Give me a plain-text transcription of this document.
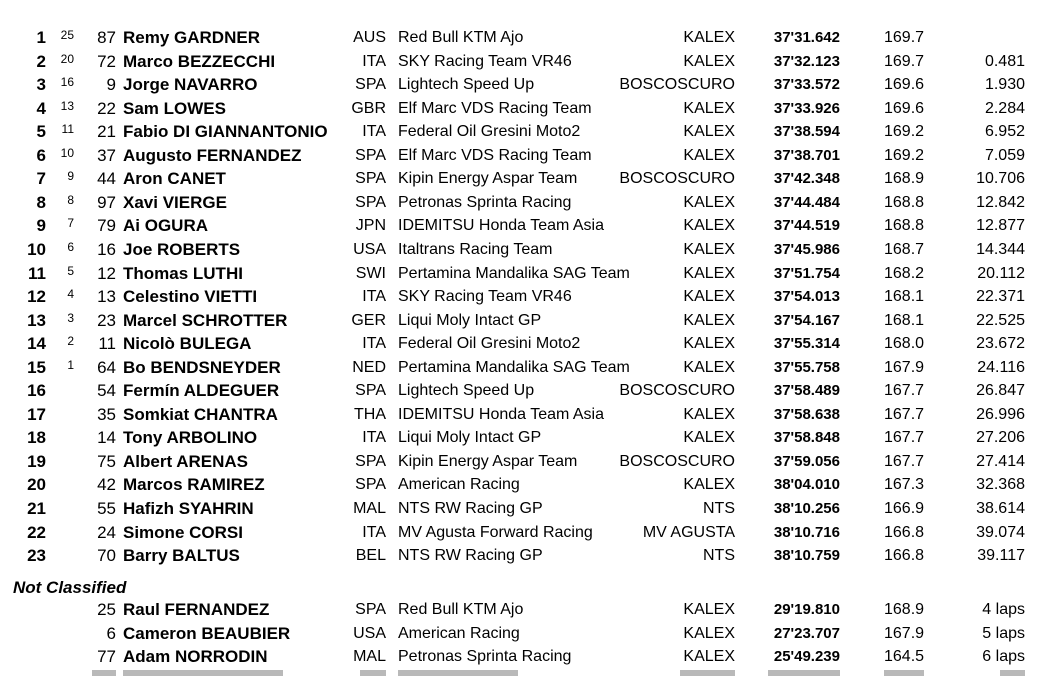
1	25	87 Remy GARDNER	AUS Red Bull KTM Ajo	KALEX	37'31.642	169.7
2	20	72 Marco BEZZECCHI	ITA SKY Racing Team VR46	KALEX	37'32.123	169.7	0.481
3	16	9 Jorge NAVARRO	SPA Lightech Speed Up	BOSCOSCURO	37'33.572	169.6	1.930
4	13	22 Sam LOWES	GBR Elf Marc VDS Racing Team	KALEX	37'33.926	169.6	2.284
5	11	21 Fabio DI GIANNANTONIO	ITA Federal Oil Gresini Moto2	KALEX	37'38.594	169.2	6.952
6	10	37 Augusto FERNANDEZ	SPA Elf Marc VDS Racing Team	KALEX	37'38.701	169.2	7.059
7	9	44 Aron CANET	SPA Kipin Energy Aspar Team	BOSCOSCURO	37'42.348	168.9	10.706
8	8	97 Xavi VIERGE	SPA Petronas Sprinta Racing	KALEX	37'44.484	168.8	12.842
9	7	79 Ai OGURA	JPN IDEMITSU Honda Team Asia	KALEX	37'44.519	168.8	12.877
10	6	16 Joe ROBERTS	USA Italtrans Racing Team	KALEX	37'45.986	168.7	14.344
11	5	12 Thomas LUTHI	SWI Pertamina Mandalika SAG Team	KALEX	37'51.754	168.2	20.112
12	4	13 Celestino VIETTI	ITA SKY Racing Team VR46	KALEX	37'54.013	168.1	22.371
13	3	23 Marcel SCHROTTER	GER Liqui Moly Intact GP	KALEX	37'54.167	168.1	22.525
14	2	11 Nicolò BULEGA	ITA Federal Oil Gresini Moto2	KALEX	37'55.314	168.0	23.672
15	1	64 Bo BENDSNEYDER	NED Pertamina Mandalika SAG Team	KALEX	37'55.758	167.9	24.116
16	54 Fermín ALDEGUER	SPA Lightech Speed Up	BOSCOSCURO	37'58.489	167.7	26.847
17	35 Somkiat CHANTRA	THA IDEMITSU Honda Team Asia	KALEX	37'58.638	167.7	26.996
18	14 Tony ARBOLINO	ITA Liqui Moly Intact GP	KALEX	37'58.848	167.7	27.206
19	75 Albert ARENAS	SPA Kipin Energy Aspar Team	BOSCOSCURO	37'59.056	167.7	27.414
20	42 Marcos RAMIREZ	SPA American Racing	KALEX	38'04.010	167.3	32.368
21	55 Hafizh SYAHRIN	MAL NTS RW Racing GP	NTS	38'10.256	166.9	38.614
22	24 Simone CORSI	ITA MV Agusta Forward Racing	MV AGUSTA	38'10.716	166.8	39.074
23	70 Barry BALTUS	BEL NTS RW Racing GP	NTS	38'10.759	166.8	39.117
Not Classified
25 Raul FERNANDEZ	SPA Red Bull KTM Ajo	KALEX	29'19.810	168.9	4 laps
6 Cameron BEAUBIER	USA American Racing	KALEX	27'23.707	167.9	5 laps
77 Adam NORRODIN	MAL Petronas Sprinta Racing	KALEX	25'49.239	164.5	6 laps
